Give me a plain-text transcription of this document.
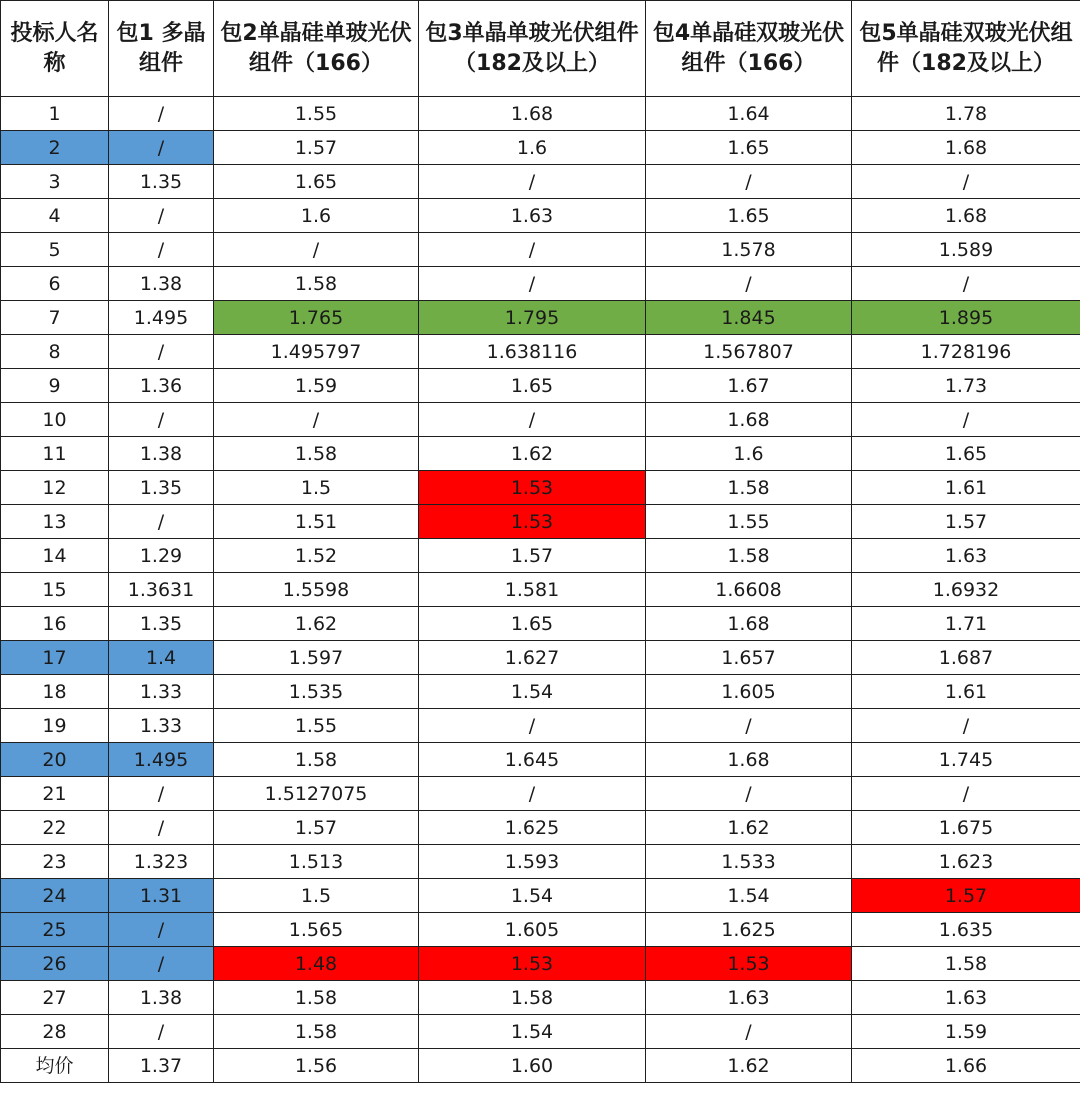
投标人名称	包1 多晶组件	包2单晶硅单玻光伏组件（166）	包3单晶单玻光伏组件（182及以上）	包4单晶硅双玻光伏组件（166）	包5单晶硅双玻光伏组件（182及以上）
1	/	1.55	1.68	1.64	1.78
2	/	1.57	1.6	1.65	1.68
3	1.35	1.65	/	/	/
4	/	1.6	1.63	1.65	1.68
5	/	/	/	1.578	1.589
6	1.38	1.58	/	/	/
7	1.495	1.765	1.795	1.845	1.895
8	/	1.495797	1.638116	1.567807	1.728196
9	1.36	1.59	1.65	1.67	1.73
10	/	/	/	1.68	/
11	1.38	1.58	1.62	1.6	1.65
12	1.35	1.5	1.53	1.58	1.61
13	/	1.51	1.53	1.55	1.57
14	1.29	1.52	1.57	1.58	1.63
15	1.3631	1.5598	1.581	1.6608	1.6932
16	1.35	1.62	1.65	1.68	1.71
17	1.4	1.597	1.627	1.657	1.687
18	1.33	1.535	1.54	1.605	1.61
19	1.33	1.55	/	/	/
20	1.495	1.58	1.645	1.68	1.745
21	/	1.5127075	/	/	/
22	/	1.57	1.625	1.62	1.675
23	1.323	1.513	1.593	1.533	1.623
24	1.31	1.5	1.54	1.54	1.57
25	/	1.565	1.605	1.625	1.635
26	/	1.48	1.53	1.53	1.58
27	1.38	1.58	1.58	1.63	1.63
28	/	1.58	1.54	/	1.59
均价	1.37	1.56	1.60	1.62	1.66
